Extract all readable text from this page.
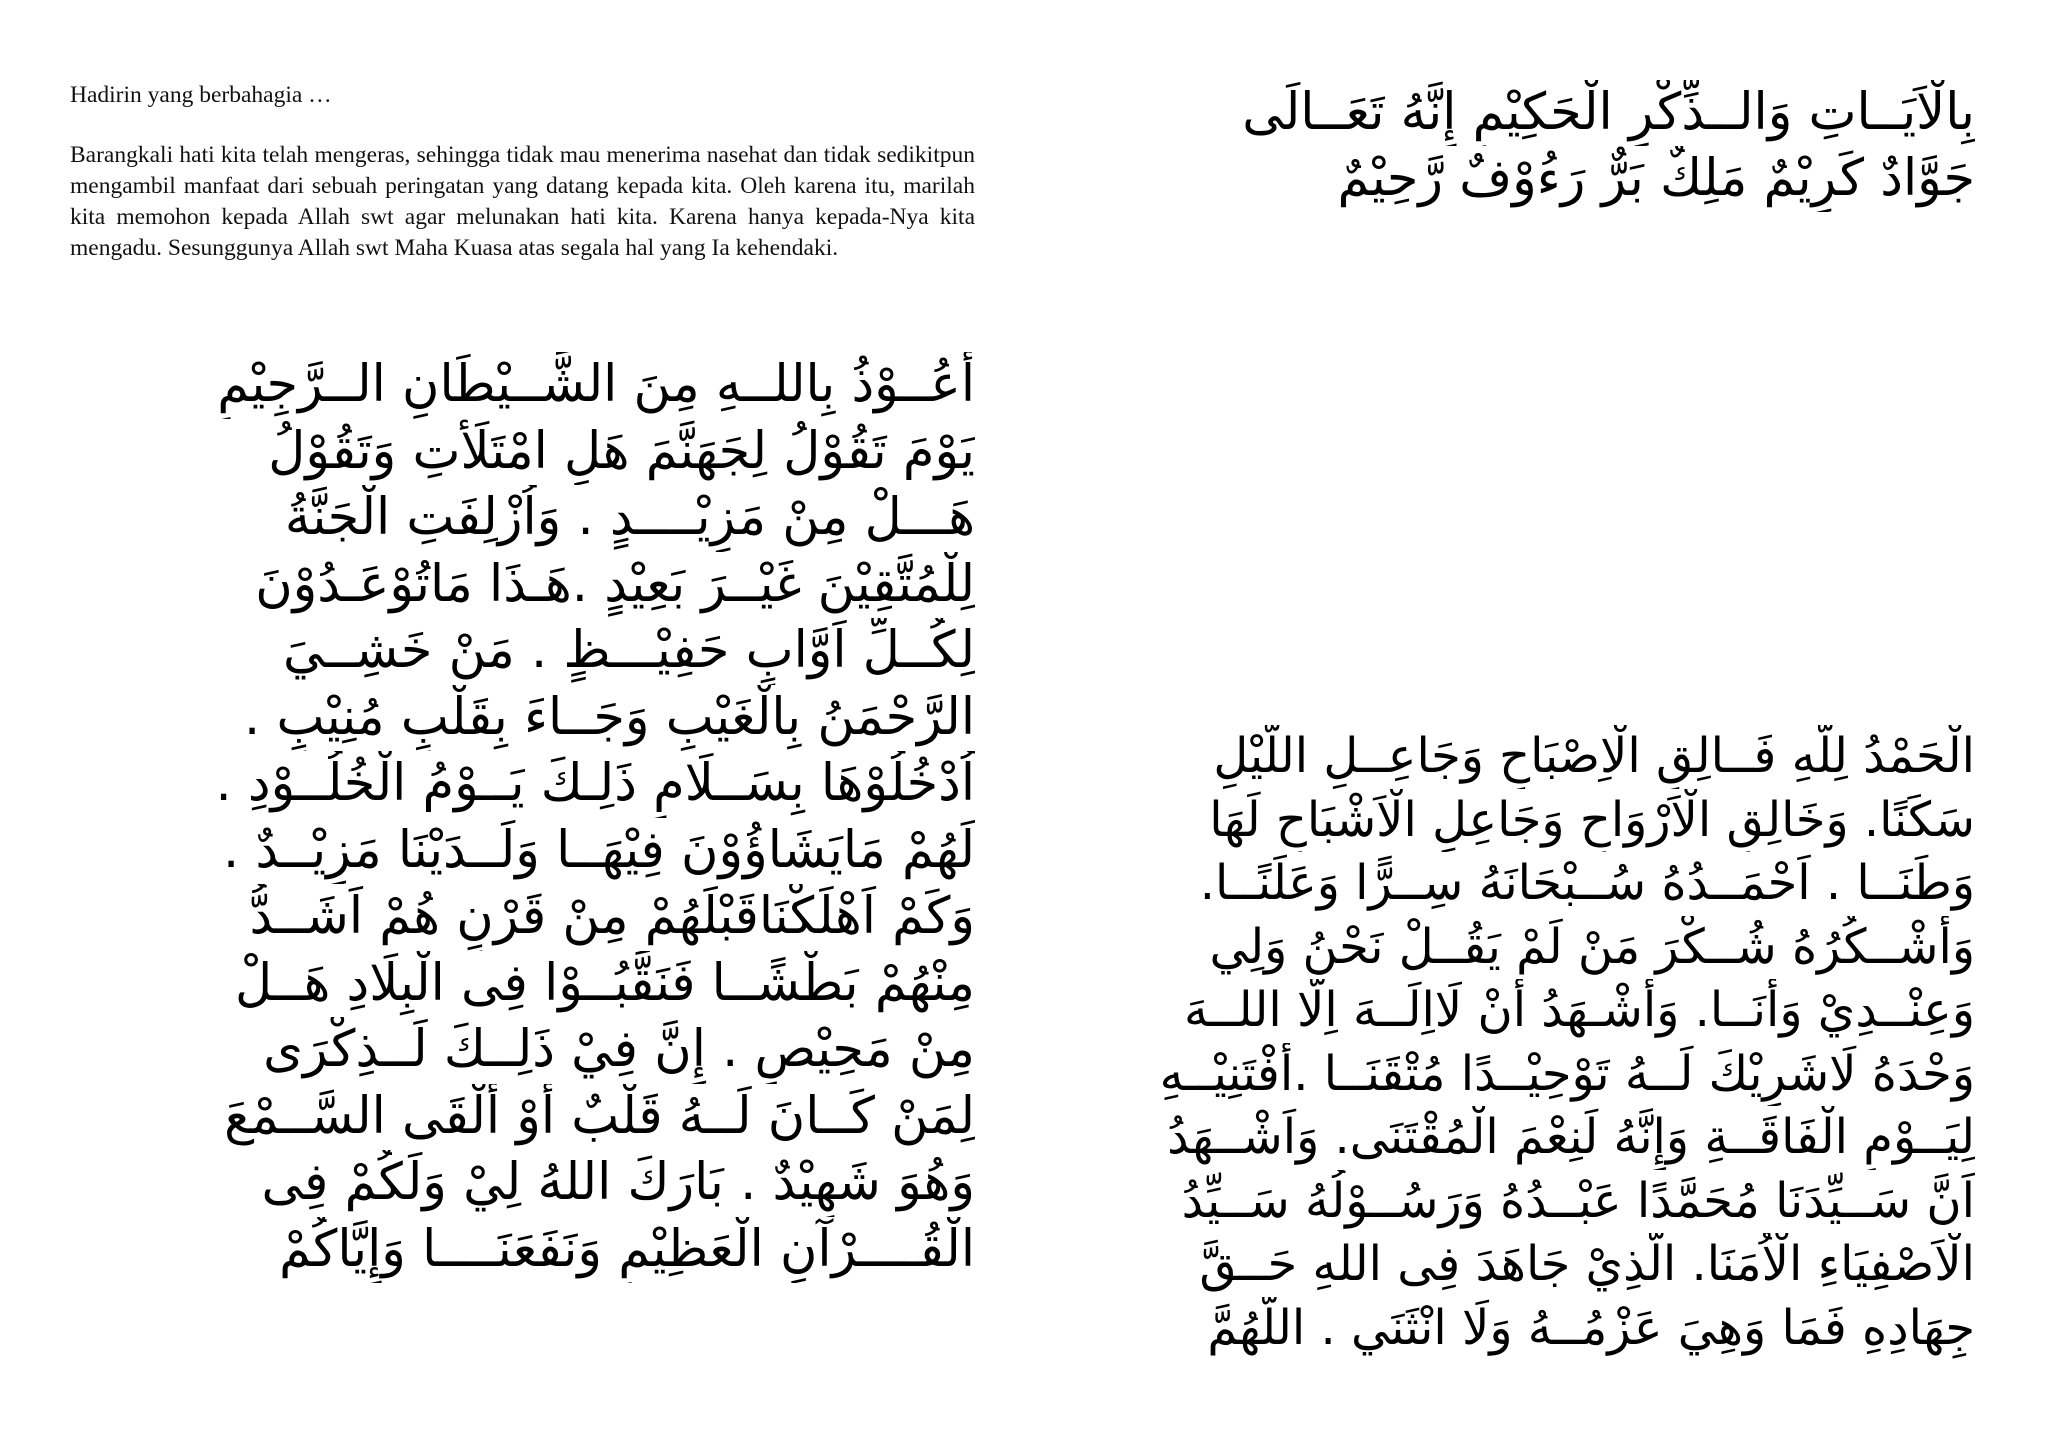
Hadirin yang berbahagia …

Barangkali hati kita telah mengeras, sehingga tidak mau menerima nasehat dan tidak sedikitpun mengambil manfaat dari sebuah peringatan yang datang kepada kita. Oleh karena itu, marilah kita memohon kepada Allah swt agar melunakan hati kita. Karena hanya kepada-Nya kita mengadu. Sesunggunya Allah swt Maha Kuasa atas segala hal yang Ia kehendaki.

أَعُــوْذُ بِاللــهِ مِنَ الشَّــيْطَانِ الــرَّجِيْمِ
يَوْمَ تَقُوْلُ لِجَهَنَّمَ هَلِ امْتَلَأْتِ وَتَقُوْلُ
هَـــلْ مِنْ مَزِيْــــدٍ . وَاُزْلِفَتِ الْجَنَّةُ
لِلْمُتَّقِيْنَ غَيْــرَ بَعِيْدٍ .هَـذَا مَاتُوْعَـدُوْنَ
لِكُــلِّ اَوَّابٍ حَفِيْـــظٍ . مَنْ خَشِــيَ
الرَّحْمَنُ بِالْغَيْبِ وَجَــاءَ بِقَلْبٍ مُنِيْبٍ .
اُدْخُلُوْهَا بِسَــلَامٍ ذَلِـكَ يَــوْمُ الْخُلُــوْدِ .
لَهُمْ مَايَشَاؤُوْنَ فِيْهَــا وَلَــدَيْنَا مَزِيْــدٌ .
وَكَمْ اَهْلَكْنَاقَبْلَهُمْ مِنْ قَرْنٍ هُمْ اَشَــدُّ
مِنْهُمْ بَطْشًــا فَنَقَّبُــوْا فِى الْبِلَادِ هَــلْ
مِنْ مَحِيْصٍ . إِنَّ فِيْ ذَلِــكَ لَــذِكْرَى
لِمَنْ كَــانَ لَــهُ قَلْبٌ أَوْ أَلْقَى السَّــمْعَ
وَهُوَ شَهِيْدٌ . بَارَكَ اللهُ لِيْ وَلَكُمْ فِى
الْقُــــرْآنِ الْعَظِيْمِ وَنَفَعَنَــــا وَإِيَّاكُمْ
بِالْاَيَــاتِ وَالــذِّكْرِ الْحَكِيْمِ إِنَّهُ تَعَــالَى
جَوَّادٌ كَرِيْمٌ مَلِكٌ بَرٌّ رَءُوْفٌ رَّحِيْمٌ
الْحَمْدُ لِلَّهِ فَــالِقِ الْاِصْبَاحِ وَجَاعِــلِ اللَّيْلِ
سَكَنًا. وَخَالِقِ الْاَرْوَاحِ وَجَاعِلِ الْاَشْبَاحِ لَهَا
وَطَنَــا . اَحْمَــدُهُ سُــبْحَانَهُ سِــرًّا وَعَلَنًــا.
وَأَشْــكُرُهُ شُــكْرَ مَنْ لَمْ يَقُــلْ نَحْنُ وَلِي
وَعِنْــدِيْ وَأَنَــا. وَأَشْـهَدُ أَنْ لَااِلَــهَ اِلَّا اللــهَ
وَحْدَهُ لَاشَرِيْكَ لَــهُ تَوْحِيْــدًا مُتْقَنَــا .أَفْتَنِيْــهِ
لِيَــوْمِ الْفَاقَــةِ وَإِنَّهُ لَنِعْمَ الْمُقْتَنَى. وَاَشْــهَدُ
اَنَّ سَــيِّدَنَا مُحَمَّدًا عَبْــدُهُ وَرَسُــوْلُهُ سَــيِّدُ
الْاَصْفِيَاءِ الْاُمَنَا. الَّذِيْ جَاهَدَ فِى اللهِ حَــقَّ
جِهَادِهِ فَمَا وَهِيَ عَزْمُــهُ وَلَا انْثَنَي . اللَّهُمَّ
